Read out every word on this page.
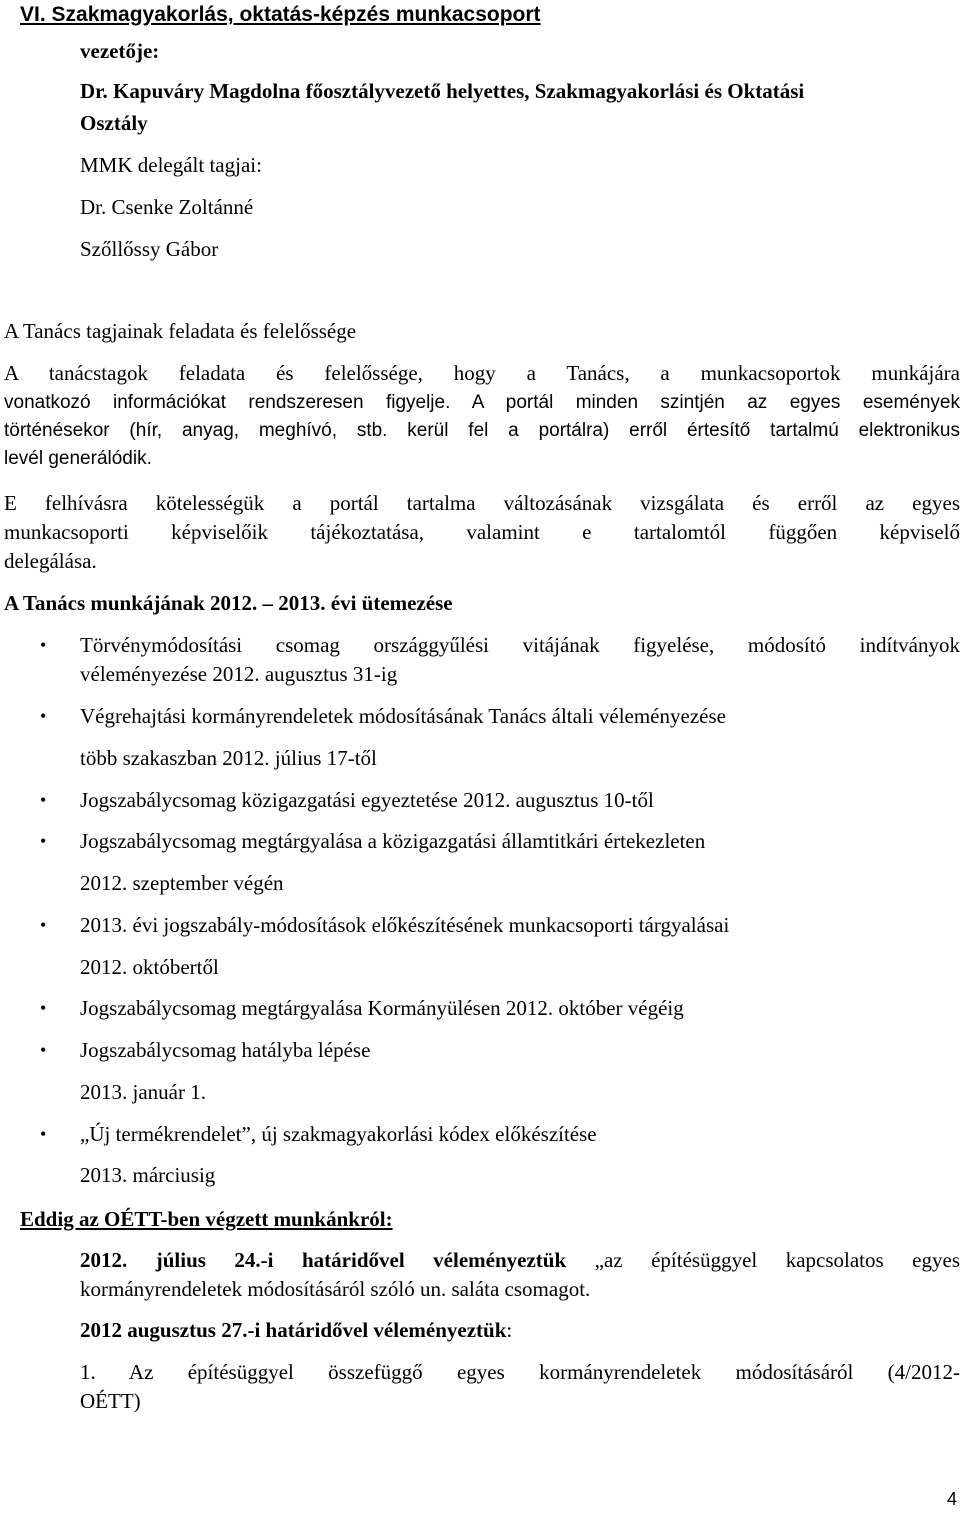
VI. Szakmagyakorlás, oktatás-képzés munkacsoport
vezetője:
Dr. Kapuváry Magdolna főosztályvezető helyettes, Szakmagyakorlási és Oktatási
Osztály
MMK delegált tagjai:
Dr. Csenke Zoltánné
Szőllőssy Gábor
A Tanács tagjainak feladata és felelőssége
A tanácstagok feladata és felelőssége, hogy a Tanács, a munkacsoportok munkájára
vonatkozó információkat rendszeresen figyelje. A portál minden szintjén az egyes események
történésekor (hír, anyag, meghívó, stb. kerül fel a portálra) erről értesítő tartalmú elektronikus
levél generálódik.
E felhívásra kötelességük a portál tartalma változásának vizsgálata és erről az egyes
munkacsoporti képviselőik tájékoztatása, valamint e tartalomtól függően képviselő
delegálása.
A Tanács munkájának 2012. – 2013. évi ütemezése
• Törvénymódosítási csomag országgyűlési vitájának figyelése, módosító indítványok
véleményezése 2012. augusztus 31-ig
• Végrehajtási kormányrendeletek módosításának Tanács általi véleményezése
több szakaszban 2012. július 17-től
• Jogszabálycsomag közigazgatási egyeztetése 2012. augusztus 10-től
• Jogszabálycsomag megtárgyalása a közigazgatási államtitkári értekezleten
2012. szeptember végén
• 2013. évi jogszabály-módosítások előkészítésének munkacsoporti tárgyalásai
2012. októbertől
• Jogszabálycsomag megtárgyalása Kormányülésen 2012. október végéig
• Jogszabálycsomag hatályba lépése
2013. január 1.
• „Új termékrendelet”, új szakmagyakorlási kódex előkészítése
2013. márciusig
Eddig az OÉTT-ben végzett munkánkról:
2012. július 24.-i határidővel véleményeztük „az építésüggyel kapcsolatos egyes
kormányrendeletek módosításáról szóló un. saláta csomagot.
2012 augusztus 27.-i határidővel véleményeztük:
1. Az építésüggyel összefüggő egyes kormányrendeletek módosításáról (4/2012-
OÉTT)
4
